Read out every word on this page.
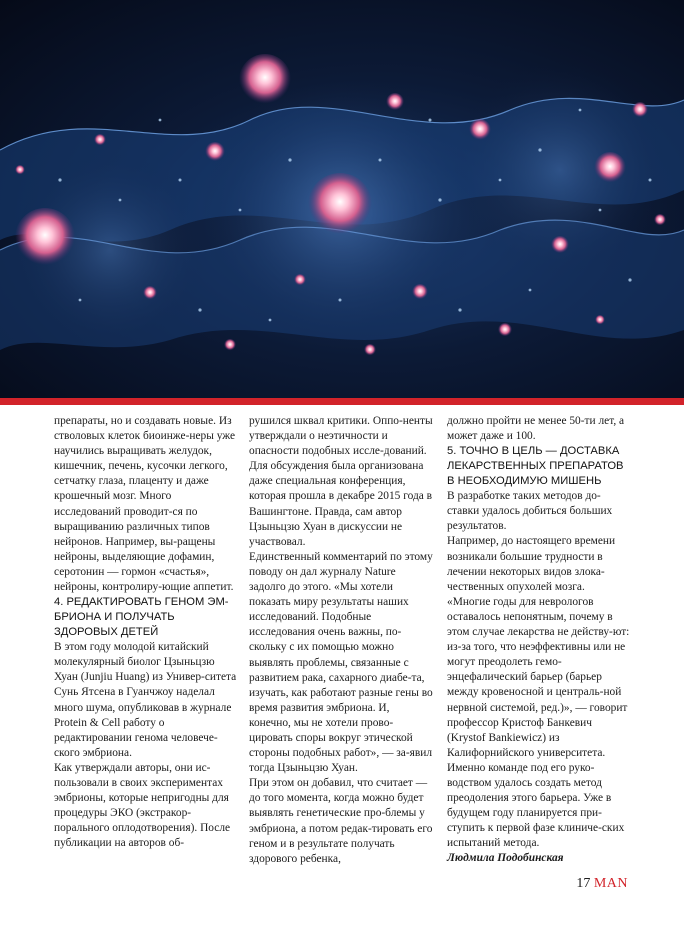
препараты, но и создавать новые. Из стволовых клеток биоинже-неры уже научились выращивать желудок, кишечник, печень, кусочки легкого, сетчатку глаза, плаценту и даже крошечный мозг. Много исследований проводит-ся по выращиванию различных типов нейронов. Например, вы-ращены нейроны, выделяющие дофамин, серотонин — гормон «счастья», нейроны, контролиру-ющие аппетит.

4. РЕДАКТИРОВАТЬ ГЕНОМ ЭМ-БРИОНА И ПОЛУЧАТЬ ЗДОРОВЫХ ДЕТЕЙ

В этом году молодой китайский молекулярный биолог Цзыньцзю Хуан (Junjiu Huang) из Универ-ситета Сунь Ятсена в Гуанчжоу наделал много шума, опубликовав в журнале Protein & Cell работу о редактировании генома человече-ского эмбриона.

Как утверждали авторы, они ис-пользовали в своих экспериментах эмбрионы, которые непригодны для процедуры ЭКО (экстракор-порального оплодотворения). После публикации на авторов об-

рушился шквал критики. Оппо-ненты утверждали о неэтичности и опасности подобных иссле-дований. Для обсуждения была организована даже специальная конференция, которая прошла в декабре 2015 года в Вашингтоне. Правда, сам автор Цзыньцзю Хуан в дискуссии не участвовал.

Единственный комментарий по этому поводу он дал журналу Nature задолго до этого. «Мы хотели показать миру результаты наших исследований. Подобные исследования очень важны, по-скольку с их помощью можно выявлять проблемы, связанные с развитием рака, сахарного диабе-та, изучать, как работают разные гены во время развития эмбриона. И, конечно, мы не хотели прово-цировать споры вокруг этической стороны подобных работ», — за-явил тогда Цзыньцзю Хуан.

При этом он добавил, что считает — до того момента, когда можно будет выявлять генетические про-блемы у эмбриона, а потом редак-тировать его геном и в результате получать здорового ребенка,

должно пройти не менее 50-ти лет, а может даже и 100.

5. ТОЧНО В ЦЕЛЬ — ДОСТАВКА ЛЕКАРСТВЕННЫХ ПРЕПАРАТОВ В НЕОБХОДИМУЮ МИШЕНЬ

В разработке таких методов до-ставки удалось добиться больших результатов.

Например, до настоящего времени возникали большие трудности в лечении некоторых видов злока-чественных опухолей мозга. «Многие годы для неврологов оставалось непонятным, почему в этом случае лекарства не действу-ют: из-за того, что неэффективны или не могут преодолеть гемо-энцефалический барьер (барьер между кровеносной и централь-ной нервной системой, ред.)», — говорит профессор Кристоф Банкевич (Krystof Bankiewicz) из Калифорнийского университета. Именно команде под его руко-водством удалось создать метод преодоления этого барьера. Уже в будущем году планируется при-ступить к первой фазе клиниче-ских испытаний метода.

Людмила Подобинская

17 MAN
